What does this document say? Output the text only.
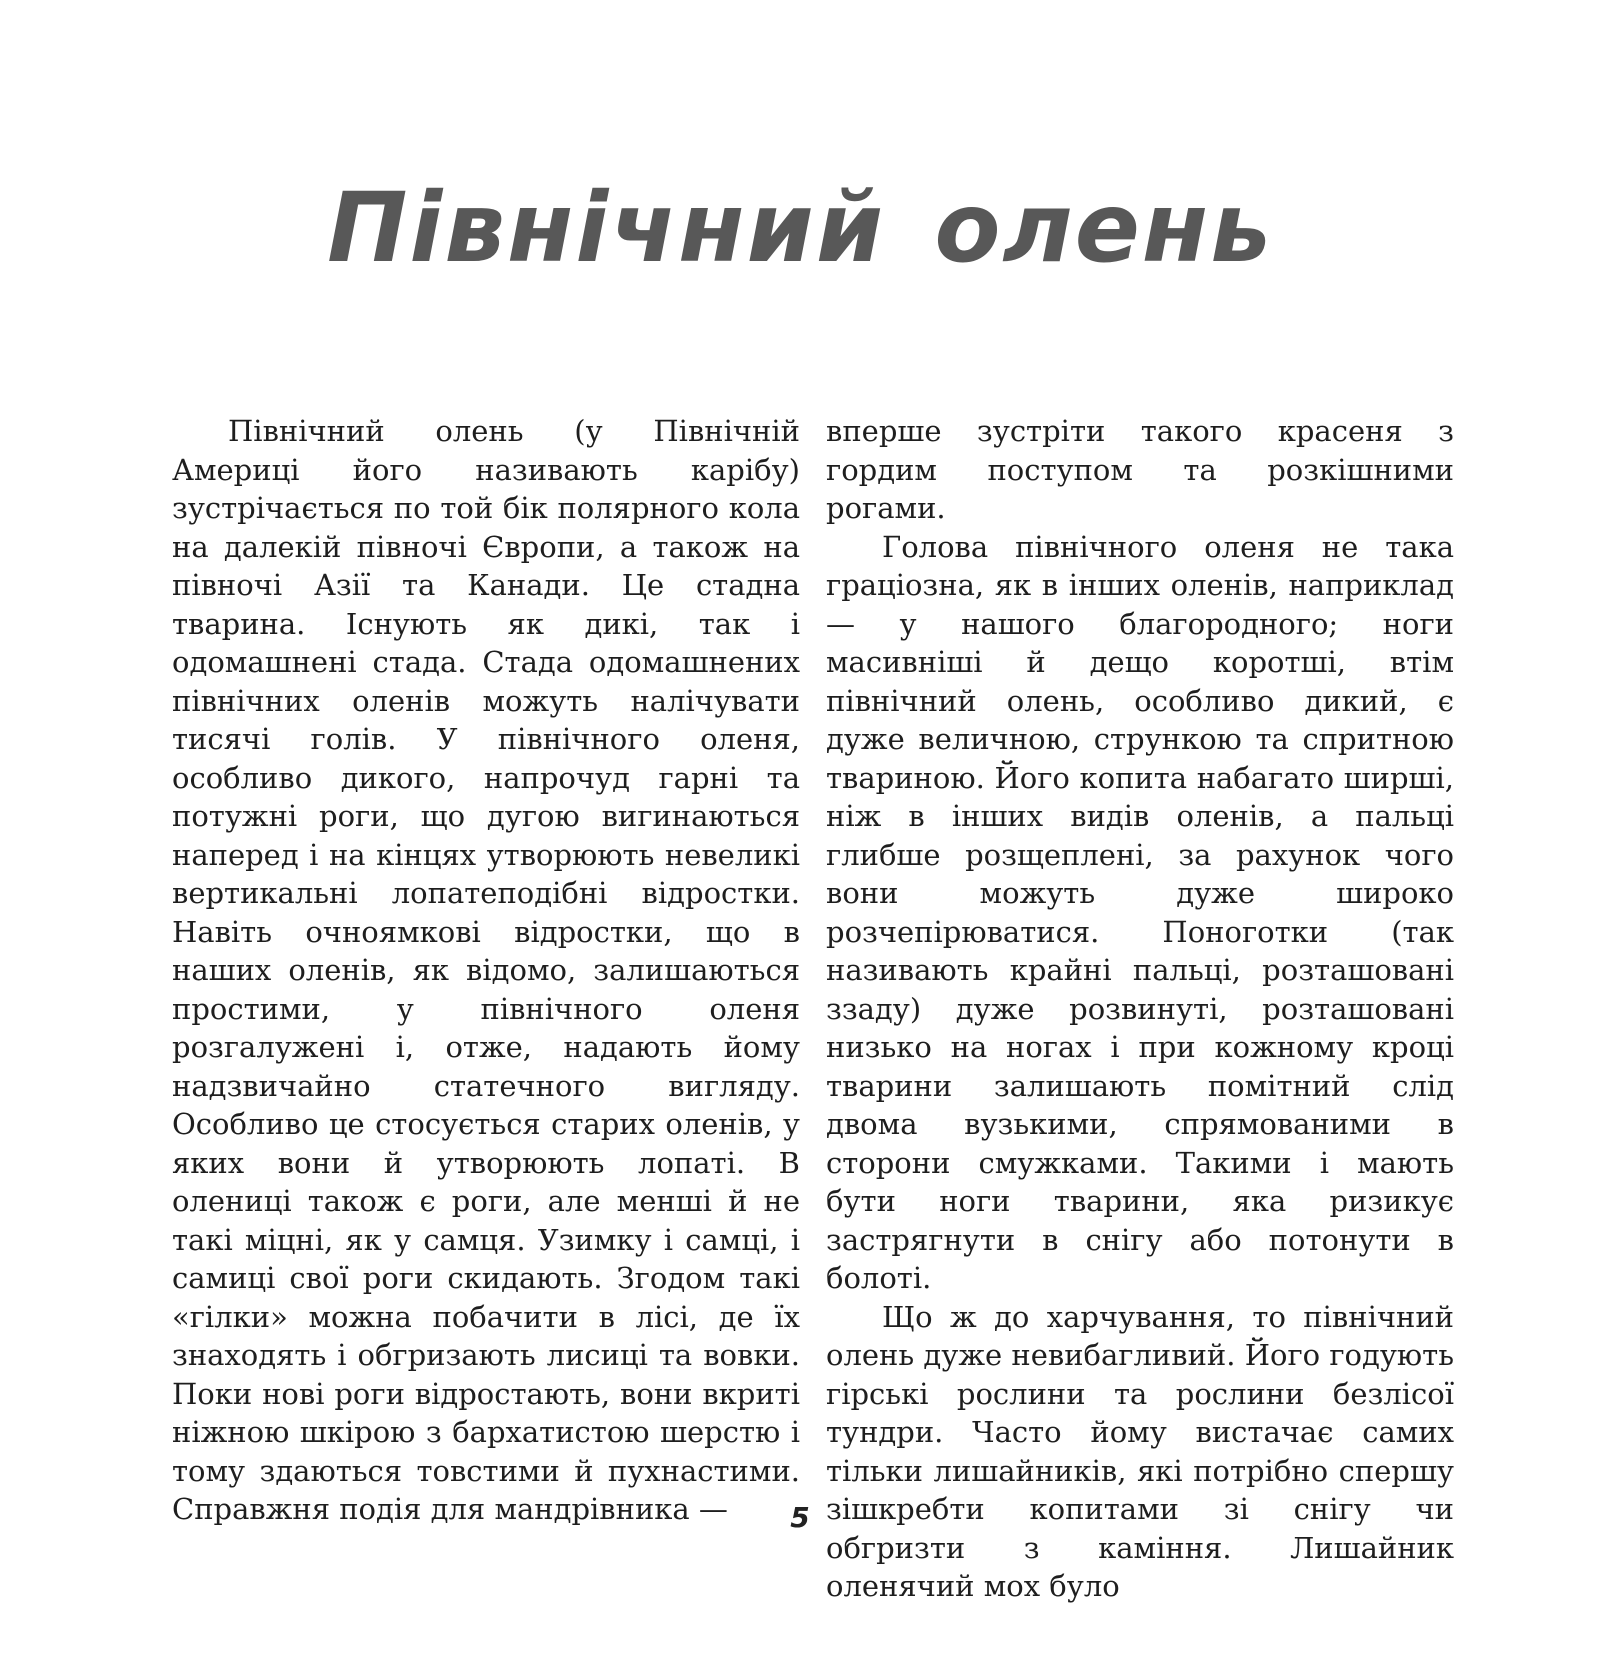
Північний олень

Північний олень (у Північній Америці його називають карібу) зустрічається по той бік полярного кола на далекій півночі Європи, а також на півночі Азії та Канади. Це стадна тварина. Існують як дикі, так і одомашнені стада. Стада одомашнених північних оленів можуть налічувати тисячі голів. У північного оленя, особливо дикого, напрочуд гарні та потужні роги, що дугою вигинаються наперед і на кінцях утворюють невеликі вертикальні лопатеподібні відростки. Навіть очноямкові відростки, що в наших оленів, як відомо, залишаються простими, у північного оленя розгалужені і, отже, надають йому надзвичайно статечного вигляду. Особливо це стосується старих оленів, у яких вони й утворюють лопаті. В олениці також є роги, але менші й не такі міцні, як у самця. Узимку і самці, і самиці свої роги скидають. Згодом такі «гілки» можна побачити в лісі, де їх знаходять і обгризають лисиці та вовки. Поки нові роги відростають, вони вкриті ніжною шкірою з бархатистою шерстю і тому здаються товстими й пухнастими. Справжня подія для мандрівника —

вперше зустріти такого красеня з гордим поступом та розкішними рогами.

Голова північного оленя не така граціозна, як в інших оленів, наприклад — у нашого благородного; ноги масивніші й дещо коротші, втім північний олень, особливо дикий, є дуже величною, стрункою та спритною твариною. Його копита набагато ширші, ніж в інших видів оленів, а пальці глибше розщеплені, за рахунок чого вони можуть дуже широко розчепірюватися. Поноготки (так називають крайні пальці, розташовані ззаду) дуже розвинуті, розташовані низько на ногах і при кожному кроці тварини залишають помітний слід двома вузькими, спрямованими в сторони смужками. Такими і мають бути ноги тварини, яка ризикує застрягнути в снігу або потонути в болоті.

Що ж до харчування, то північний олень дуже невибагливий. Його годують гірські рослини та рослини безлісої тундри. Часто йому вистачає самих тільки лишайників, які потрібно спершу зішкребти копитами зі снігу чи обгризти з каміння. Лишайник оленячий мох було

5
